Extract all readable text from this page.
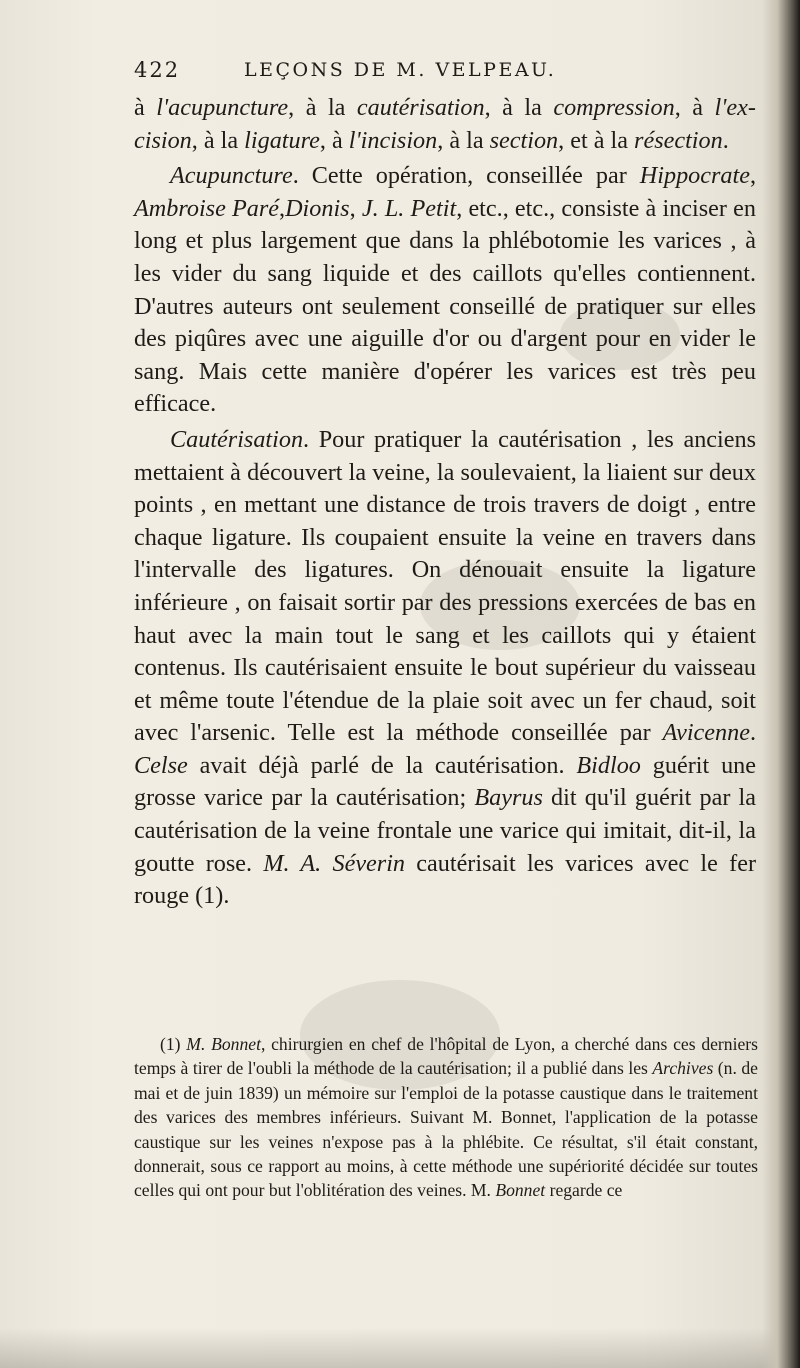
422	LEÇONS DE M. VELPEAU.

à l'acupuncture, à la cautérisation, à la compression, à l'excision, à la ligature, à l'incision, à la section, et à la résection.

Acupuncture. Cette opération, conseillée par Hippocrate, Ambroise Paré,Dionis, J. L. Petit, etc., etc., consiste à inciser en long et plus largement que dans la phlébotomie les varices , à les vider du sang liquide et des caillots qu'elles contiennent. D'autres auteurs ont seulement conseillé de pratiquer sur elles des piqûres avec une aiguille d'or ou d'argent pour en vider le sang. Mais cette manière d'opérer les varices est très peu efficace.

Cautérisation. Pour pratiquer la cautérisation , les anciens mettaient à découvert la veine, la soulevaient, la liaient sur deux points , en mettant une distance de trois travers de doigt , entre chaque ligature. Ils coupaient ensuite la veine en travers dans l'intervalle des ligatures. On dénouait ensuite la ligature inférieure , on faisait sortir par des pressions exercées de bas en haut avec la main tout le sang et les caillots qui y étaient contenus. Ils cautérisaient ensuite le bout supérieur du vaisseau et même toute l'étendue de la plaie soit avec un fer chaud, soit avec l'arsenic. Telle est la méthode conseillée par Avicenne. Celse avait déjà parlé de la cautérisation. Bidloo guérit une grosse varice par la cautérisation; Bayrus dit qu'il guérit par la cautérisation de la veine frontale une varice qui imitait, dit-il, la goutte rose. M. A. Séverin cautérisait les varices avec le fer rouge (1).

(1) M. Bonnet, chirurgien en chef de l'hôpital de Lyon, a cherché dans ces derniers temps à tirer de l'oubli la méthode de la cautérisation; il a publié dans les Archives (n. de mai et de juin 1839) un mémoire sur l'emploi de la potasse caustique dans le traitement des varices des membres inférieurs. Suivant M. Bonnet, l'application de la potasse caustique sur les veines n'expose pas à la phlébite. Ce résultat, s'il était constant, donnerait, sous ce rapport au moins, à cette méthode une supériorité décidée sur toutes celles qui ont pour but l'oblitération des veines. M. Bonnet regarde ce
